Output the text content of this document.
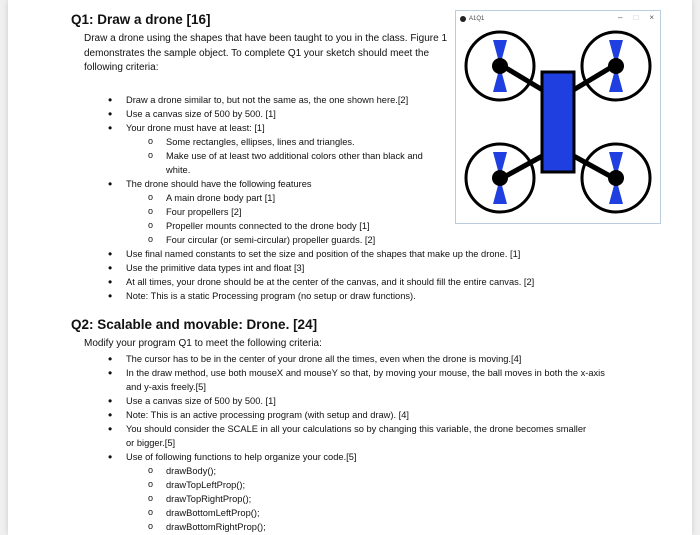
Q1: Draw a drone [16]
Draw a drone using the shapes that have been taught to you in the class. Figure 1 demonstrates the sample object. To complete Q1 your sketch should meet the following criteria:
• Draw a drone similar to, but not the same as, the one shown here.[2]
• Use a canvas size of 500 by 500. [1]
• Your drone must have at least: [1]
o Some rectangles, ellipses, lines and triangles.
o Make use of at least two additional colors other than black and white.
• The drone should have the following features
o A main drone body part [1]
o Four propellers [2]
o Propeller mounts connected to the drone body [1]
o Four circular (or semi-circular) propeller guards. [2]
• Use final named constants to set the size and position of the shapes that make up the drone. [1]
• Use the primitive data types int and float [3]
• At all times, your drone should be at the center of the canvas, and it should fill the entire canvas. [2]
• Note: This is a static Processing program (no setup or draw functions).
Q2: Scalable and movable: Drone. [24]
Modify your program Q1 to meet the following criteria:
• The cursor has to be in the center of your drone all the times, even when the drone is moving.[4]
• In the draw method, use both mouseX and mouseY so that, by moving your mouse, the ball moves in both the x-axis and y-axis freely.[5]
• Use a canvas size of 500 by 500. [1]
• Note: This is an active processing program (with setup and draw). [4]
• You should consider the SCALE in all your calculations so by changing this variable, the drone becomes smaller or bigger.[5]
• Use of following functions to help organize your code.[5]
o drawBody();
o drawTopLeftProp();
o drawTopRightProp();
o drawBottomLeftProp();
o drawBottomRightProp();
A1Q1	– □ ×
